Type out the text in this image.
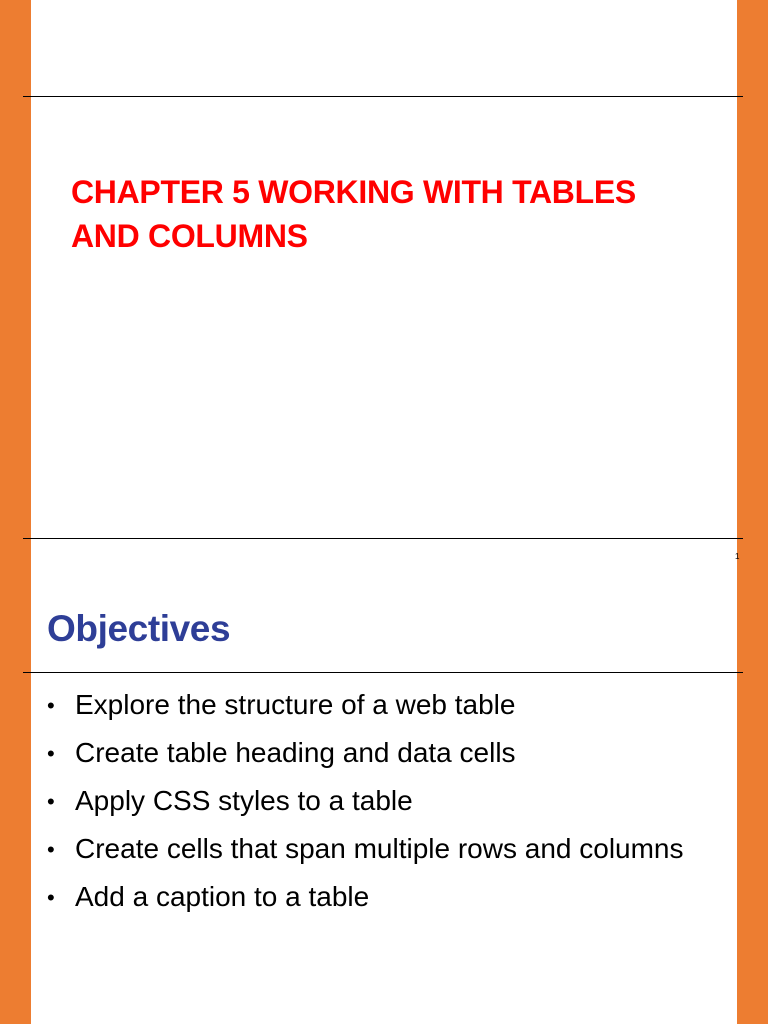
CHAPTER 5 WORKING WITH TABLES AND COLUMNS
1
Objectives
• Explore the structure of a web table
• Create table heading and data cells
• Apply CSS styles to a table
• Create cells that span multiple rows and columns
• Add a caption to a table
